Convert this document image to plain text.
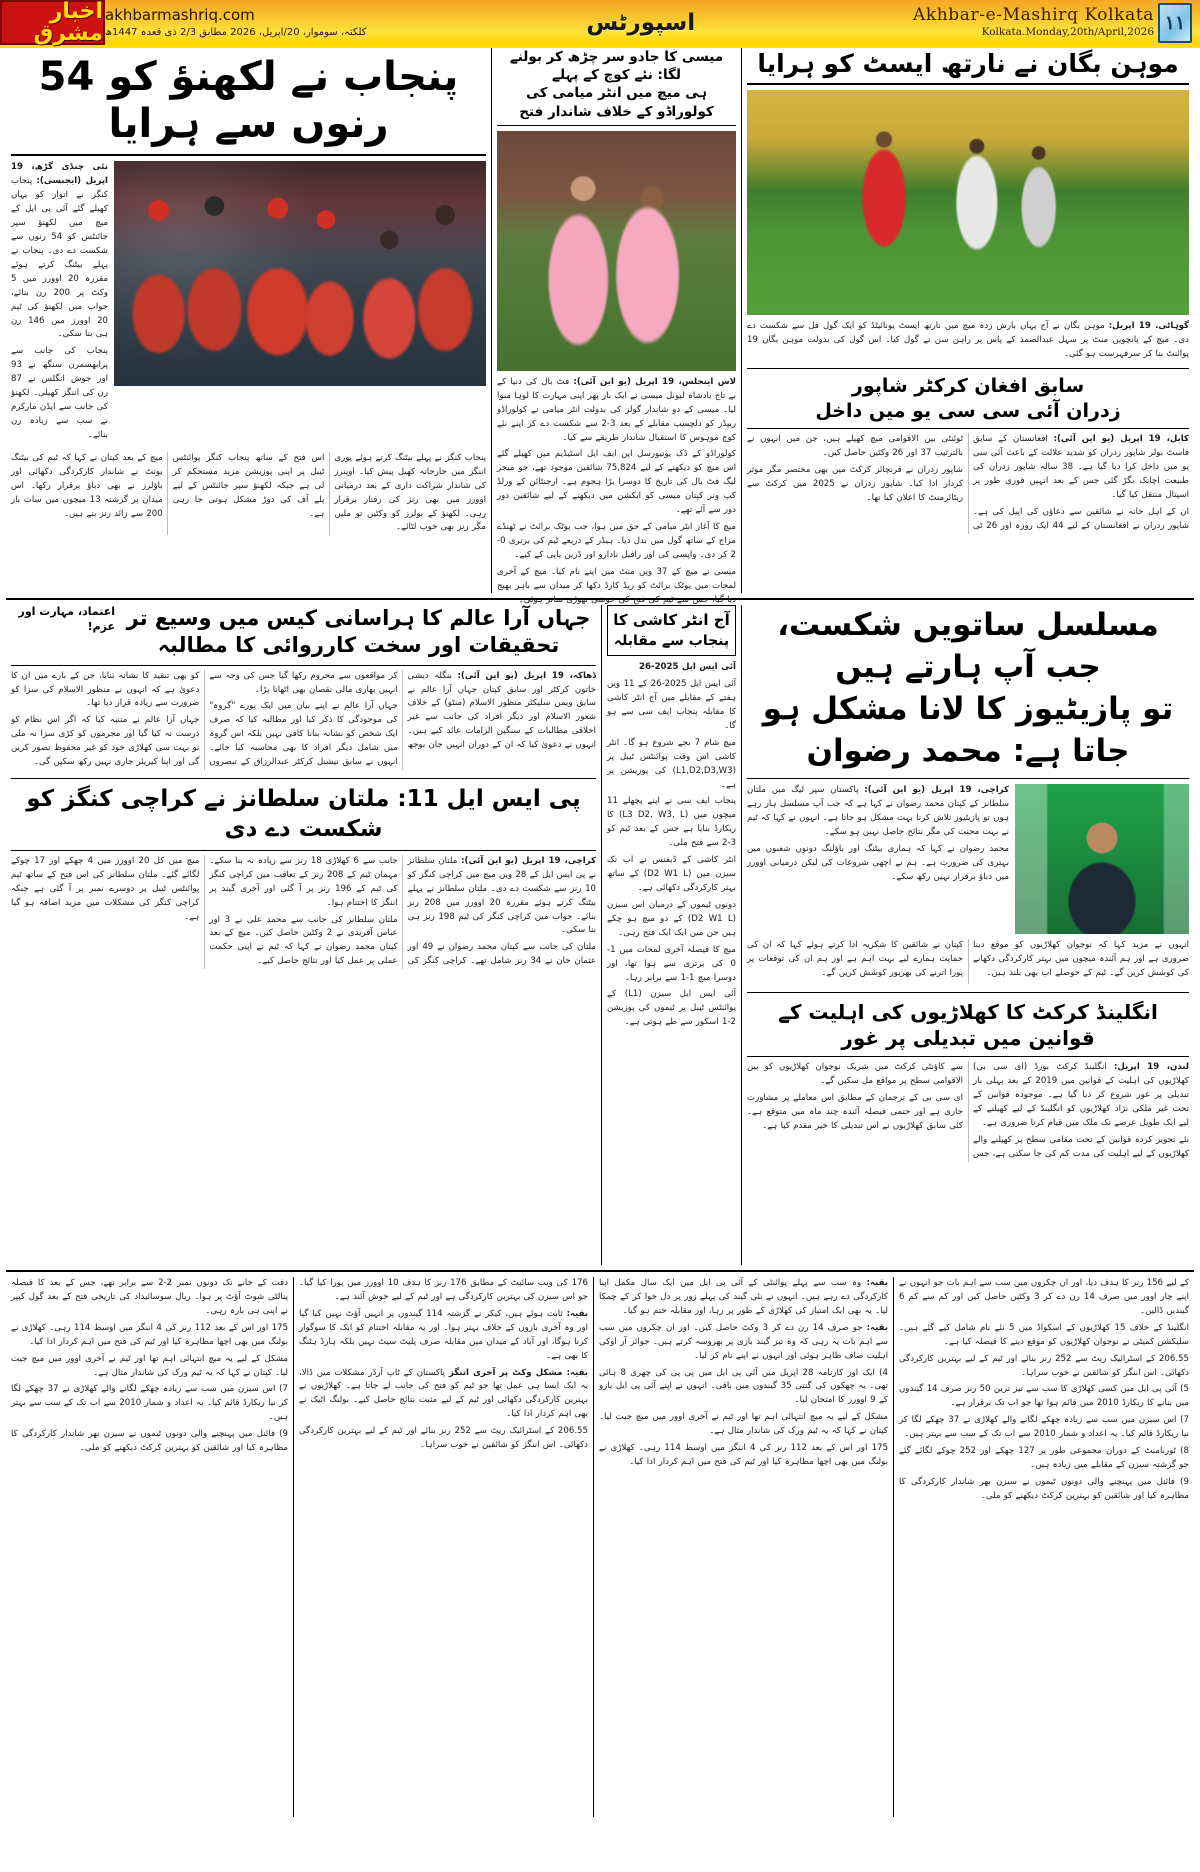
۱۱
Akhbar-e-Mashirq Kolkata
Kolkata.Monday,20th/April,2026
اسپورٹس
akhbarmashriq.com
کلکتہ، سوموار، 20/اپریل، 2026 مطابق 2/3 ذی قعدہ 1447ھ
اخبار مشرق
موہن بگان نے نارتھ ایسٹ کو ہرایا

گوہاٹی. 19 اپریل: موہن بگان نے آج یہاں بارش زدہ میچ میں نارتھ ایسٹ یونائیٹڈ کو ایک گول فل سے شکست دے دی۔ میچ کے پانچویں منٹ پر سہل عبدالصمد کے پاس پر راہن سن نے گول کیا۔ اس گول کی بدولت موہن بگان 19 پوائنٹ بنا کر سرفہرست ہو گئی۔

سابق افغان کرکٹر شاپور
زدران آئی سی سی یو میں داخل

کابل، 19 اپریل (یو این آئی): افغانستان کے سابق فاسٹ بولر شاپور زدران کو شدید علالت کے باعث آئی سی یو میں داخل کرا دیا گیا ہے۔ 38 سالہ شاپور زدران کی طبیعت اچانک بگڑ گئی جس کے بعد انہیں فوری طور پر اسپتال منتقل کیا گیا۔

ان کے اہل خانہ نے شائقین سے دعاؤں کی اپیل کی ہے۔ شاپور زدران نے افغانستان کے لیے 44 ایک روزہ اور 26 ٹی ٹوئنٹی بین الاقوامی میچ کھیلے ہیں، جن میں انہوں نے بالترتیب 37 اور 26 وکٹیں حاصل کیں۔

شاپور زدران نے فرنچائز کرکٹ میں بھی مختصر مگر موثر کردار ادا کیا۔ شاپور زدران نے 2025 میں کرکٹ سے ریٹائرمنٹ کا اعلان کیا تھا۔

میسی کا جادو سر چڑھ کر بولنے لگا: نئے کوچ کے پہلے
ہی میچ میں انٹر میامی کی کولوراڈو کے خلاف شاندار فتح

لاس اینجلس، 19 اپریل (یو این آئی): فٹ بال کی دنیا کے بے تاج بادشاہ لیونل میسی نے ایک بار پھر اپنی مہارت کا لوہا منوا لیا۔ میسی کے دو شاندار گولز کی بدولت انٹر میامی نے کولوراڈو ریپڈز کو دلچسپ مقابلے کے بعد 3-2 سے شکست دے کر اپنے نئے کوچ موہوس کا استقبال شاندار طریقے سے کیا۔

کولوراڈو کے ڈک یونیورسل این ایف ایل اسٹیڈیم میں کھیلے گئے اس میچ کو دیکھنے کے لیے 75,824 شائقین موجود تھے، جو میجر لیگ فٹ بال کی تاریخ کا دوسرا بڑا ہجوم ہے۔ ارجنٹائن کے ورلڈ کپ ونر کپتان میسی کو ایکشن میں دیکھنے کے لیے شائقین دور دور سے آئے تھے۔

میچ کا آغاز انٹر میامی کے حق میں ہوا، جب یوٹک برائٹ نے ٹھنڈے مزاج کے ساتھ گول میں بدل دیا۔ ہیڈر کے ذریعے ٹیم کی برتری 0-2 کر دی۔ واپسی کی اور رافیل نادارو اور ڈرین یاپی کے کیے۔

میسی نے میچ کے 37 ویں منٹ میں اپنے نام کیا۔ میچ کے آخری لمحات میں یوٹک برائٹ کو ریڈ کارڈ دکھا کر میدان سے باہر بھیج دیا گیا، جس سے ٹیم کی فتح کی خوشی تھوڑی متاثر ہوئی۔

پنجاب نے لکھنؤ کو 54 رنوں سے ہرایا

نئی چنڈی گڑھ، 19 اپریل (ایجنسی): پنجاب کنگز نے اتوار کو یہاں کھیلے گئے آئی پی ایل کے میچ میں لکھنؤ سپر جائنٹس کو 54 رنوں سے شکست دے دی۔ پنجاب نے پہلے بیٹنگ کرتے ہوئے مقررہ 20 اوورز میں 5 وکٹ پر 200 رن بنائے، جواب میں لکھنؤ کی ٹیم 20 اوورز میں 146 رن ہی بنا سکی۔

پنجاب کی جانب سے پرابھسمرن سنگھ نے 93 اور جوش انگلس نے 87 رن کی اننگز کھیلی۔ لکھنؤ کی جانب سے ایڈن مارکرم نے سب سے زیادہ رن بنائے۔

پنجاب کنگز نے پہلے بیٹنگ کرتے ہوئے پوری اننگز میں جارحانہ کھیل پیش کیا۔ اوپنرز کی شاندار شراکت داری کے بعد درمیانی اوورز میں بھی رنز کی رفتار برقرار رہی۔ لکھنؤ کے بولرز کو وکٹیں تو ملیں مگر رنز بھی خوب لٹائے۔

اس فتح کے ساتھ پنجاب کنگز پوائنٹس ٹیبل پر اپنی پوزیشن مزید مستحکم کر لی ہے جبکہ لکھنؤ سپر جائنٹس کے لیے پلے آف کی دوڑ مشکل ہوتی جا رہی ہے۔

میچ کے بعد کپتان نے کہا کہ ٹیم کی بیٹنگ یونٹ نے شاندار کارکردگی دکھائی اور باؤلرز نے بھی دباؤ برقرار رکھا۔ اس میدان پر گزشتہ 13 میچوں میں سات بار 200 سے زائد رنز بنے ہیں۔

مسلسل ساتویں شکست، جب آپ ہارتے ہیں
تو پازیٹیوز کا لانا مشکل ہو جاتا ہے: محمد رضوان

کراچی، 19 اپریل (یو این آئی): پاکستان سپر لیگ میں ملتان سلطانز کے کپتان محمد رضوان نے کہا ہے کہ جب آپ مسلسل ہار رہے ہوں تو پازیٹیوز تلاش کرنا بہت مشکل ہو جاتا ہے۔ انہوں نے کہا کہ ٹیم نے بہت محنت کی مگر نتائج حاصل نہیں ہو سکے۔

محمد رضوان نے کہا کہ ہماری بیٹنگ اور باؤلنگ دونوں شعبوں میں بہتری کی ضرورت ہے۔ ہم نے اچھی شروعات کی لیکن درمیانی اوورز میں دباؤ برقرار نہیں رکھ سکے۔

انہوں نے مزید کہا کہ نوجوان کھلاڑیوں کو موقع دینا ضروری ہے اور ہم آئندہ میچوں میں بہتر کارکردگی دکھانے کی کوشش کریں گے۔ ٹیم کے حوصلے اب بھی بلند ہیں۔

کپتان نے شائقین کا شکریہ ادا کرتے ہوئے کہا کہ ان کی حمایت ہمارے لیے بہت اہم ہے اور ہم ان کی توقعات پر پورا اترنے کی بھرپور کوشش کریں گے۔

انگلینڈ کرکٹ کا کھلاڑیوں کی اہلیت کے قوانین میں تبدیلی پر غور

لندن، 19 اپریل: انگلینڈ کرکٹ بورڈ (ای سی بی) کھلاڑیوں کی اہلیت کے قوانین میں 2019 کے بعد پہلی بار تبدیلی پر غور شروع کر دیا گیا ہے۔ موجودہ قوانین کے تحت غیر ملکی نژاد کھلاڑیوں کو انگلینڈ کے لیے کھیلنے کے لیے ایک طویل عرصے تک ملک میں قیام کرنا ضروری ہے۔

نئے تجویز کردہ قوانین کے تحت مقامی سطح پر کھیلنے والے کھلاڑیوں کے لیے اہلیت کی مدت کم کی جا سکتی ہے، جس سے کاؤنٹی کرکٹ میں شریک نوجوان کھلاڑیوں کو بین الاقوامی سطح پر مواقع مل سکیں گے۔

ای سی بی کے ترجمان کے مطابق اس معاملے پر مشاورت جاری ہے اور حتمی فیصلہ آئندہ چند ماہ میں متوقع ہے۔ کئی سابق کھلاڑیوں نے اس تبدیلی کا خیر مقدم کیا ہے۔

آج انٹر کاشی کا
پنجاب سے مقابلہ

آئی ایس ایل 2025-26

آئی ایس ایل 2025-26 کے 11 ویں ہفتے کے مقابلے میں آج انٹر کاشی کا مقابلہ پنجاب ایف سی سے ہو گا۔

میچ شام 7 بجے شروع ہو گا۔ انٹر کاشی اس وقت پوائنٹس ٹیبل پر (L1,D2,D3,W3) کی پوزیشن پر ہے۔

پنجاب ایف سی نے اپنے پچھلے 11 میچوں میں (L3 D2, W3, L) کا ریکارڈ بنایا ہے جس کے بعد ٹیم کو 3-2 سے فتح ملی۔

انٹر کاشی کے ڈیفنس نے اب تک سیزن میں (D2 W1 L) کے ساتھ بہتر کارکردگی دکھائی ہے۔

دونوں ٹیموں کے درمیان اس سیزن (D2 W1 L) کے دو میچ ہو چکے ہیں جن میں ایک ایک فتح رہی۔

میچ کا فیصلہ آخری لمحات میں 1-0 کی برتری سے ہوا تھا، اور دوسرا میچ 1-1 سے برابر رہا۔

آئی ایس ایل سیزن (L1) کے پوائنٹس ٹیبل پر ٹیموں کی پوزیشن 2-1 اسکور سے طے ہوتی ہے۔

جہاں آرا عالم کا ہراسانی کیس میں وسیع تر تحقیقات اور سخت کارروائی کا مطالبہ
اعتماد، مہارت اور عزم!

ڈھاکہ، 19 اپریل (یو این آئی): بنگلہ دیشی خاتون کرکٹر اور سابق کپتان جہاں آرا عالم نے سابق ویمن سلیکٹر منظور الاسلام (منٹو) کے خلاف شعور الاسلام اور دیگر افراد کی جانب سے غیر اخلاقی مطالبات کے سنگین الزامات عائد کیے ہیں۔ انہوں نے دعویٰ کیا کہ ان کے دوران انہیں جان بوجھ کر مواقعوں سے محروم رکھا گیا جس کی وجہ سے انہیں بھاری مالی نقصان بھی اٹھانا پڑا۔

جہاں آرا عالم نے اپنے بیان میں ایک پورے "گروہ" کی موجودگی کا ذکر کیا اور مطالبہ کیا کہ صرف ایک شخص کو نشانہ بنانا کافی نہیں بلکہ اس گروہ میں شامل دیگر افراد کا بھی محاسبہ کیا جائے۔ انہوں نے سابق نیشنل کرکٹر عبدالرزاق کے تبصروں کو بھی تنقید کا نشانہ بنایا، جن کے بارے میں ان کا دعویٰ ہے کہ انہوں نے منظور الاسلام کی سزا کو ضرورت سے زیادہ قرار دیا تھا۔

جہاں آرا عالم نے متنبہ کیا کہ اگر اس نظام کو درست نہ کیا گیا اور مجرموں کو کڑی سزا نہ ملی تو بہت سی کھلاڑی خود کو غیر محفوظ تصور کریں گی اور اپنا کیریئر جاری نہیں رکھ سکیں گی۔

پی ایس ایل 11: ملتان سلطانز نے کراچی کنگز کو شکست دے دی

کراچی، 19 اپریل (یو این آئی): ملتان سلطانز نے پی ایس ایل کے 28 ویں میچ میں کراچی کنگز کو 10 رنز سے شکست دے دی۔ ملتان سلطانز نے پہلے بیٹنگ کرتے ہوئے مقررہ 20 اوورز میں 208 رنز بنائے۔ جواب میں کراچی کنگز کی ٹیم 198 رنز ہی بنا سکی۔

ملتان کی جانب سے کپتان محمد رضوان نے 49 اور عثمان خان نے 34 رنز شامل تھے۔ کراچی کنگز کی جانب سے 6 کھلاڑی 18 رنز سے زیادہ نہ بنا سکے۔ مہمان ٹیم کے 208 رنز کے تعاقب میں کراچی کنگز کی ٹیم کے 196 رنز پر آ گئی اور آخری گیند پر اننگز کا اختتام ہوا۔

ملتان سلطانز کی جانب سے محمد علی نے 3 اور عباس آفریدی نے 2 وکٹیں حاصل کیں۔ میچ کے بعد کپتان محمد رضوان نے کہا کہ ٹیم نے اپنی حکمت عملی پر عمل کیا اور نتائج حاصل کیے۔

میچ میں کل 20 اوورز میں 4 چھکے اور 17 چوکے لگائے گئے۔ ملتان سلطانز کی اس فتح کے ساتھ ٹیم پوائنٹس ٹیبل پر دوسرے نمبر پر آ گئی ہے جبکہ کراچی کنگز کی مشکلات میں مزید اضافہ ہو گیا ہے۔

کے لیے 156 رنز کا ہدف دیا، اور ان چکروں میں سب سے اہم بات جو انہوں نے اپنے چار اوور میں صرف 14 رن دے کر 3 وکٹیں حاصل کیں اور کم سے کم 6 گیندیں ڈالیں۔

انگلینڈ کے خلاف 15 کھلاڑیوں کے اسکواڈ میں 5 نئے نام شامل کیے گئے ہیں۔ سلیکشن کمیٹی نے نوجوان کھلاڑیوں کو موقع دینے کا فیصلہ کیا ہے۔

206.55 کے اسٹرائیک ریٹ سے 252 رنز بنائے اور ٹیم کے لیے بہترین کارکردگی دکھائی۔ اس اننگز کو شائقین نے خوب سراہا۔

5) آئی پی ایل میں کسی کھلاڑی کا سب سے تیز ترین 50 رنز صرف 14 گیندوں میں بنانے کا ریکارڈ 2010 میں قائم ہوا تھا جو اب تک برقرار ہے۔

7) اس سیزن میں سب سے زیادہ چھکے لگانے والے کھلاڑی نے 37 چھکے لگا کر نیا ریکارڈ قائم کیا۔ یہ اعداد و شمار 2010 سے اب تک کے سب سے بہتر ہیں۔

8) ٹورنامنٹ کے دوران مجموعی طور پر 127 چھکے اور 252 چوکے لگائے گئے جو گزشتہ سیزن کے مقابلے میں زیادہ ہیں۔

9) فائنل میں پہنچنے والی دونوں ٹیموں نے سیزن بھر شاندار کارکردگی کا مظاہرہ کیا اور شائقین کو بہترین کرکٹ دیکھنے کو ملی۔

بقیہ: وہ سب سے پہلے پوائنٹی کے آئی پی ایل میں ایک سال مکمل اپنا کارکردگی دے رہے ہیں۔ انہوں نے نئی گیند کی پہلے زور پر دل خوا کر کے چمکا لیا۔ یہ بھی ایک امتیاز کی کھلاڑی کے طور پر رہا، اور مقابلہ ختم ہو گیا۔

بقیہ: جو صرف 14 رن دے کر 3 وکٹ حاصل کیں۔ اور ان چکروں میں سب سے اہم بات یہ رہی کہ وہ تیز گیند بازی پر بھروسہ کرتے ہیں۔ جوائز آر اوکی اہلیت صاف ظاہر ہوئی اور انہوں نے اپنے نام کر لیا۔

4) ایک اور کارنامہ 28 اپریل میں آئی پی ایل میں پی پی کی چھری 8 ہائی تھی۔ یہ چھکوں کی گنتی 35 گیندوں میں باقی۔ انہوں نے اپنے آئی پی ایل بازو کے 9 اوورز کا امتحان لیا۔

مشکل کے لیے یہ میچ انتہائی اہم تھا اور ٹیم نے آخری اوور میں میچ جیت لیا۔ کپتان نے کہا کہ یہ ٹیم ورک کی شاندار مثال ہے۔

175 اور اس کے بعد 112 رنز کی 4 اننگز میں اوسط 114 رہی۔ کھلاڑی نے بولنگ میں بھی اچھا مظاہرہ کیا اور ٹیم کی فتح میں اہم کردار ادا کیا۔

176 کی ویب سائیٹ کے مطابق 176 رنز کا ہدف 10 اوورز میں پورا کیا گیا۔ جو اس سیزن کی بہترین کارکردگی ہے اور ٹیم کے لیے خوش آئند ہے۔

بقیہ: ثابت ہوئے ہیں، کیکر نے گزشتہ 114 گیندوں پر انہیں آؤٹ نہیں کیا گیا اور وہ آخری بازوں کے خلاف بہتر ہوا۔ اور یہ مقابلہ اختتام کو ایک کا سوگوار کرنا ہوگا، اور آباد کے میدان میں مقابلہ صرف پلیٹ سیٹ نہیں بلکہ ہارڈ ہٹنگ کا بھی ہے۔

بقیہ: مشکل وکٹ پر آخری اننگز پاکستان کے ٹاپ آرڈر مشکلات میں ڈالا، یہ ایک ایسا ہی عمل تھا جو ٹیم کو فتح کی جانب لے جاتا ہے۔ کھلاڑیوں نے بہترین کارکردگی دکھائی اور ٹیم کے لیے مثبت نتائج حاصل کیے۔ بولنگ اٹیک نے بھی اہم کردار ادا کیا۔

206.55 کے اسٹرائیک ریٹ سے 252 رنز بنائے اور ٹیم کے لیے بہترین کارکردگی دکھائی۔ اس اننگز کو شائقین نے خوب سراہا۔

دفت کے خانے تک دونوں نمبر 2-2 سے برابر تھے، جس کے بعد کا فیصلہ پنالٹی شوٹ آؤٹ پر ہوا۔ ریال سوسائیداد کی تاریخی فتح کے بعد گول کیپر نے اپنی ہی بارہ رہی۔

175 اور اس کے بعد 112 رنز کی 4 اننگز میں اوسط 114 رہی۔ کھلاڑی نے بولنگ میں بھی اچھا مظاہرہ کیا اور ٹیم کی فتح میں اہم کردار ادا کیا۔

مشکل کے لیے یہ میچ انتہائی اہم تھا اور ٹیم نے آخری اوور میں میچ جیت لیا۔ کپتان نے کہا کہ یہ ٹیم ورک کی شاندار مثال ہے۔

7) اس سیزن میں سب سے زیادہ چھکے لگانے والے کھلاڑی نے 37 چھکے لگا کر نیا ریکارڈ قائم کیا۔ یہ اعداد و شمار 2010 سے اب تک کے سب سے بہتر ہیں۔

9) فائنل میں پہنچنے والی دونوں ٹیموں نے سیزن بھر شاندار کارکردگی کا مظاہرہ کیا اور شائقین کو بہترین کرکٹ دیکھنے کو ملی۔
